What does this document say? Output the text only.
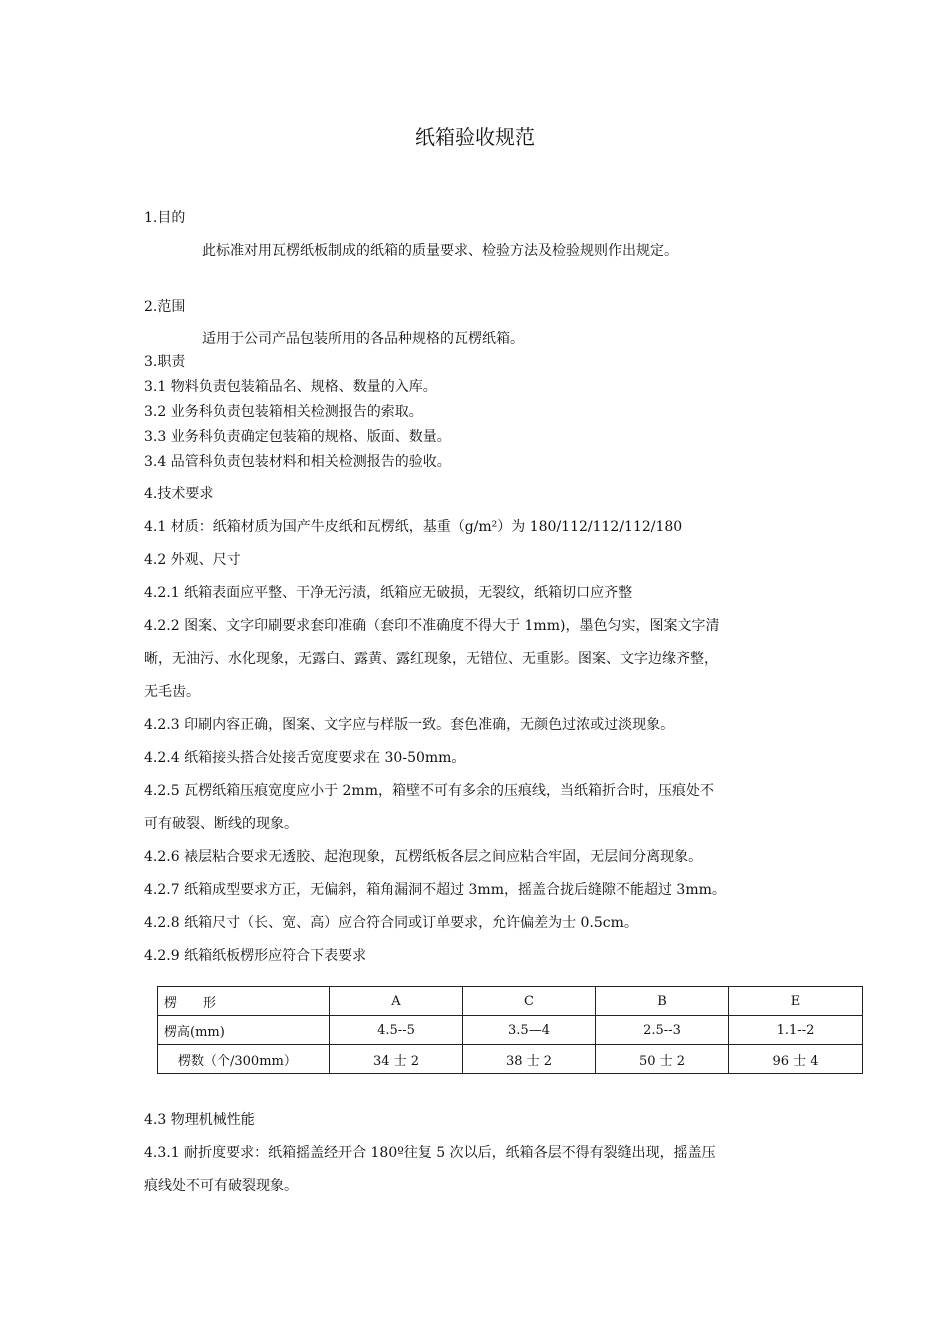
纸箱验收规范
1.目的
此标准对用瓦楞纸板制成的纸箱的质量要求、检验方法及检验规则作出规定。
2.范围
适用于公司产品包装所用的各品种规格的瓦楞纸箱。
3.职责
3.1 物料负责包装箱品名、规格、数量的入库。
3.2 业务科负责包装箱相关检测报告的索取。
3.3 业务科负责确定包装箱的规格、版面、数量。
3.4 品管科负责包装材料和相关检测报告的验收。
4.技术要求
4.1 材质：纸箱材质为国产牛皮纸和瓦楞纸，基重（g/m²）为 180/112/112/112/180
4.2 外观、尺寸
4.2.1 纸箱表面应平整、干净无污渍，纸箱应无破损，无裂纹，纸箱切口应齐整
4.2.2 图案、文字印刷要求套印准确（套印不准确度不得大于 1mm)，墨色匀实，图案文字清
晰，无油污、水化现象，无露白、露黄、露红现象，无错位、无重影。图案、文字边缘齐整，
无毛齿。
4.2.3 印刷内容正确，图案、文字应与样版一致。套色准确，无颜色过浓或过淡现象。
4.2.4 纸箱接头搭合处接舌宽度要求在 30-50mm。
4.2.5 瓦楞纸箱压痕宽度应小于 2mm，箱壁不可有多余的压痕线，当纸箱折合时，压痕处不
可有破裂、断线的现象。
4.2.6 裱层粘合要求无透胶、起泡现象，瓦楞纸板各层之间应粘合牢固，无层间分离现象。
4.2.7 纸箱成型要求方正，无偏斜，箱角漏洞不超过 3mm，摇盖合拢后缝隙不能超过 3mm。
4.2.8 纸箱尺寸（长、宽、高）应合符合同或订单要求，允许偏差为士 0.5cm。
4.2.9 纸箱纸板楞形应符合下表要求
楞　　形	A	C	B	E
楞高(mm)	4.5--5	3.5—4	2.5--3	1.1--2
楞数（个/300mm）	34 士 2	38 士 2	50 士 2	96 士 4
4.3 物理机械性能
4.3.1 耐折度要求：纸箱摇盖经开合 180º往复 5 次以后，纸箱各层不得有裂缝出现，摇盖压
痕线处不可有破裂现象。
